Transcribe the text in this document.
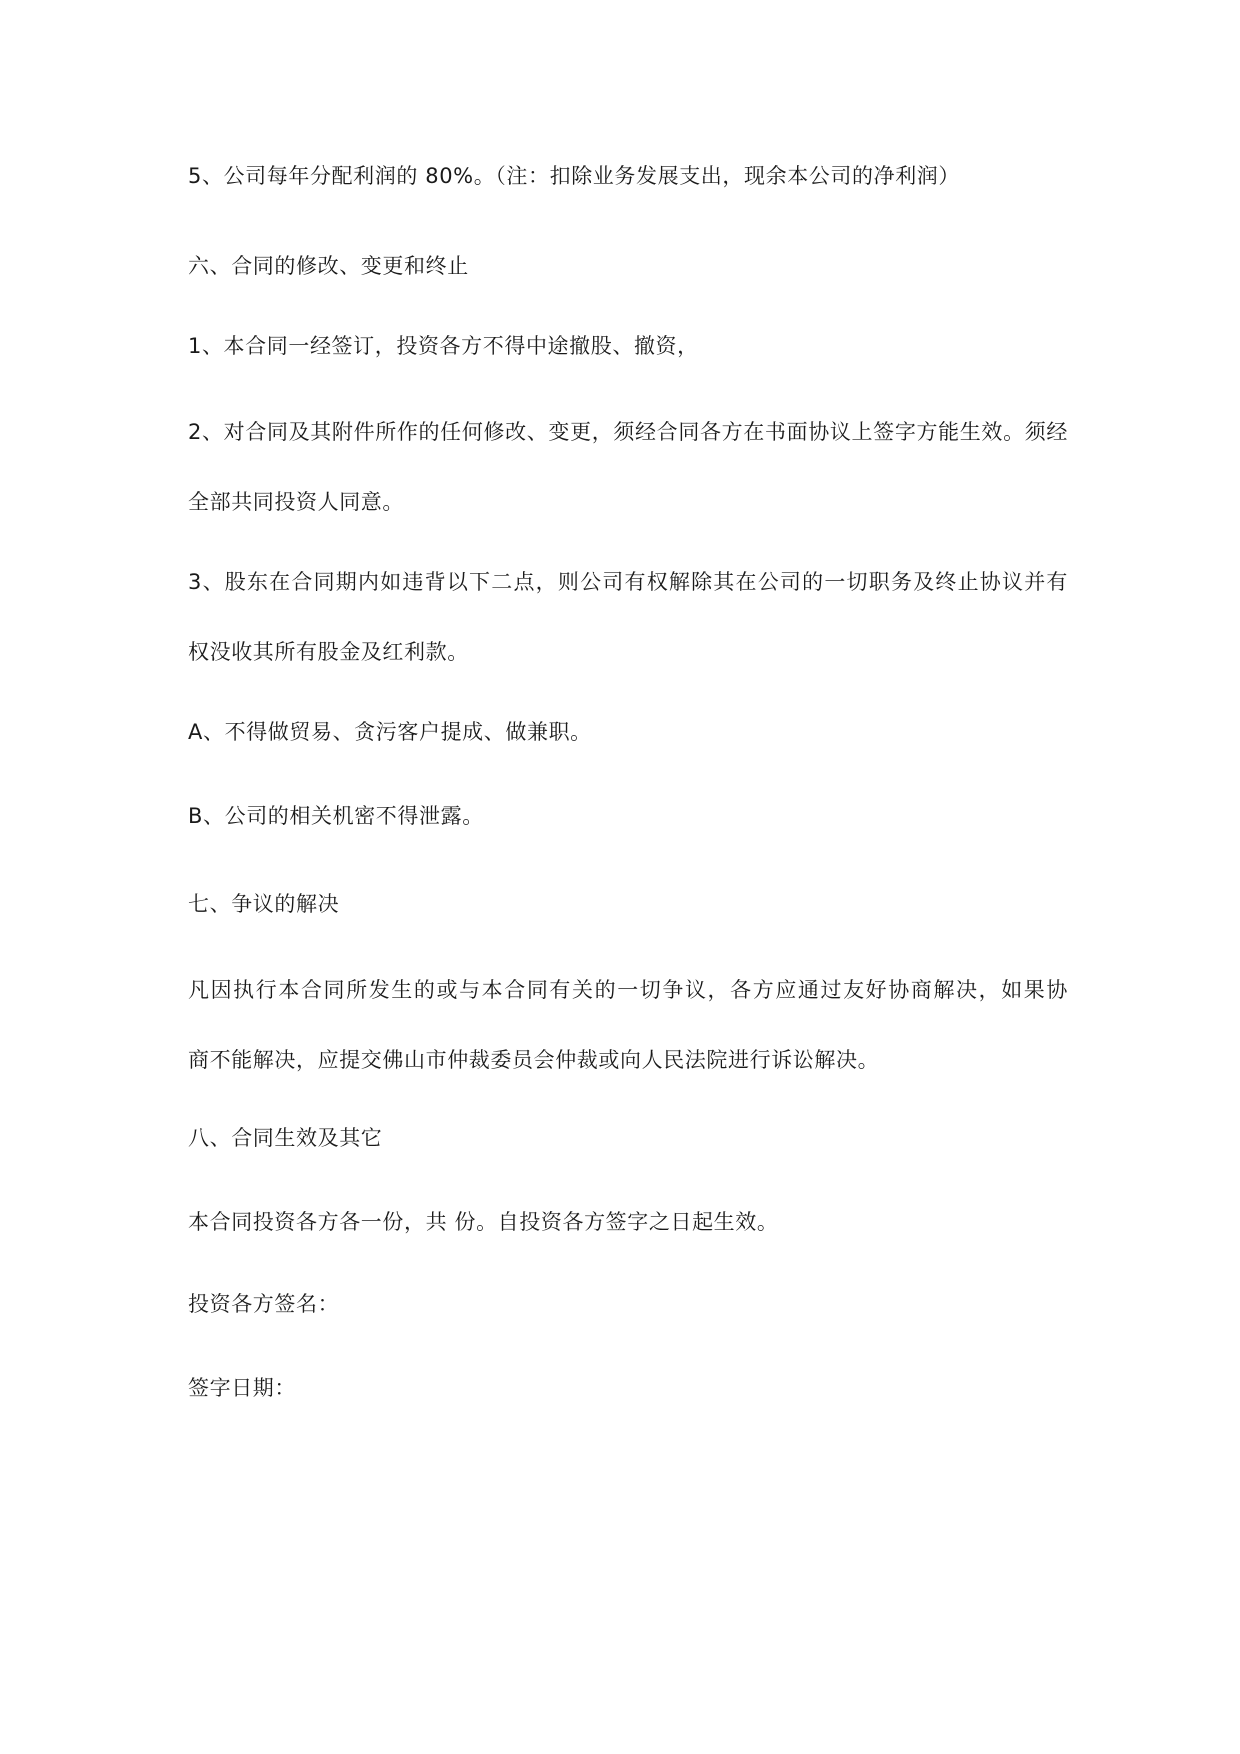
5、公司每年分配利润的 80%。（注：扣除业务发展支出，现余本公司的净利润）
六、合同的修改、变更和终止
1、本合同一经签订，投资各方不得中途撤股、撤资，
2、对合同及其附件所作的任何修改、变更，须经合同各方在书面协议上签字方能生效。须经
全部共同投资人同意。
3、股东在合同期内如违背以下二点，则公司有权解除其在公司的一切职务及终止协议并有
权没收其所有股金及红利款。
A、不得做贸易、贪污客户提成、做兼职。
B、公司的相关机密不得泄露。
七、争议的解决
凡因执行本合同所发生的或与本合同有关的一切争议，各方应通过友好协商解决，如果协
商不能解决，应提交佛山市仲裁委员会仲裁或向人民法院进行诉讼解决。
八、合同生效及其它
本合同投资各方各一份，共 份。自投资各方签字之日起生效。
投资各方签名：
签字日期：
